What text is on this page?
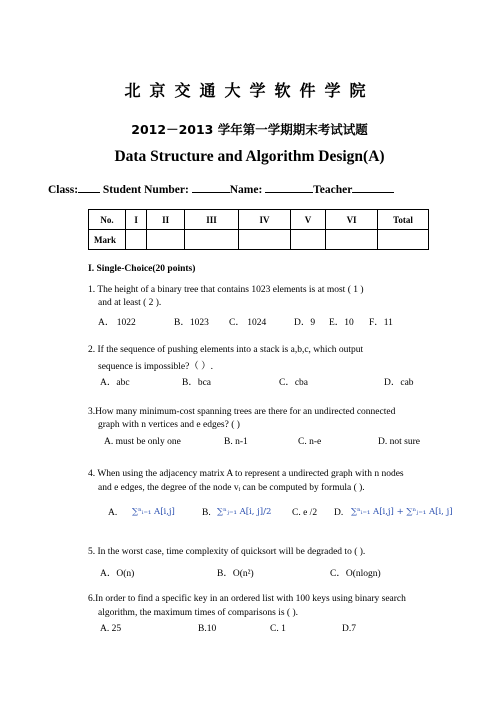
北京交通大学软件学院
2012－2013 学年第一学期期末考试试题
Data Structure and Algorithm Design(A)
Class: Student Number:	Name:	Teacher
No.	I	II	III	IV	V	VI	Total
Mark							
I. Single-Choice(20 points)
1. The height of a binary tree that contains 1023 elements is at most ( 1 )
and at least ( 2 ).
A． 1022	B．1023 C． 1024	D．9 E．10 F．11
2. If the sequence of pushing elements into a stack is a,b,c, which output
sequence is impossible?（ ）.
A．abc	B．bca	C．cba	D．cab
3.How many minimum-cost spanning trees are there for an undirected connected
graph with n vertices and e edges? ( )
A. must be only one	B. n-1	C. n-e	D. not sure
4. When using the adjacency matrix A to represent a undirected graph with n nodes
and e edges, the degree of the node vᵢ can be computed by formula ( ).
A. ∑ⁿᵢ₌₁ A[i,j]	B. ∑ⁿⱼ₌₁ A[i, j]/2 C. e /2 D. ∑ⁿᵢ₌₁ A[i,j] + ∑ⁿⱼ₌₁ A[i, j]
5. In the worst case, time complexity of quicksort will be degraded to ( ).
A．O(n)	B．O(n²)	C．O(nlogn)
6.In order to find a specific key in an ordered list with 100 keys using binary search
algorithm, the maximum times of comparisons is ( ).
A. 25	B.10	C. 1	D.7
